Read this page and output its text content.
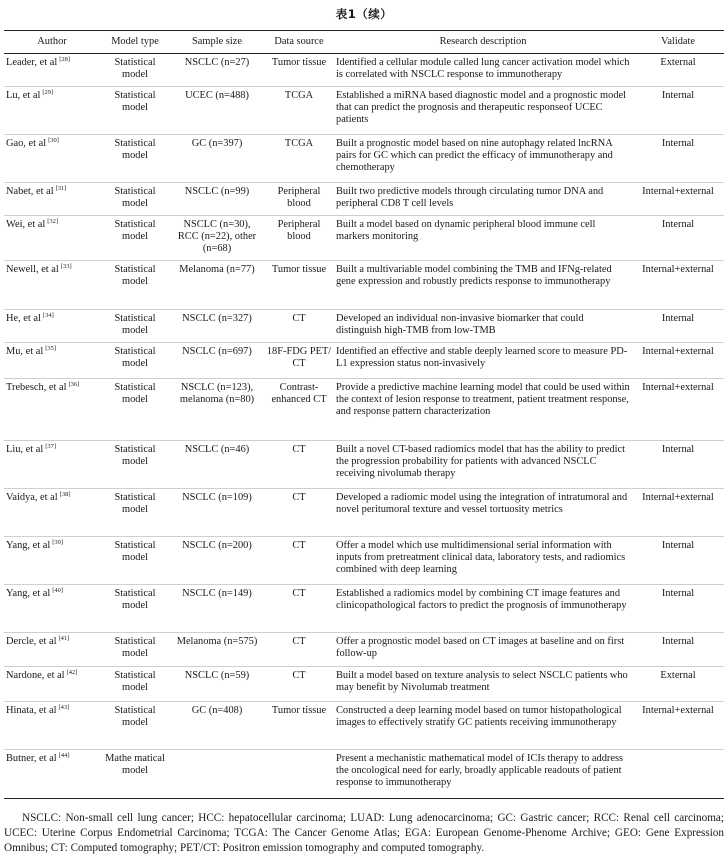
表1（续）
Author	Model type	Sample size	Data source	Research description	Validate
Leader, et al [28]	Statistical model	NSCLC (n=27)	Tumor tissue	Identified a cellular module called lung cancer activation model which is correlated with NSCLC response to immunotherapy	External
Lu, et al [29]	Statistical model	UCEC (n=488)	TCGA	Established a miRNA based diagnostic model and a prognostic model that can predict the prognosis and therapeutic responseof UCEC patients	Internal
Gao, et al [30]	Statistical model	GC (n=397)	TCGA	Built a prognostic model based on nine autophagy related lncRNA pairs for GC which can predict the efficacy of immunotherapy and chemotherapy	Internal
Nabet, et al [31]	Statistical model	NSCLC (n=99)	Peripheral blood	Built two predictive models through circulating tumor DNA and peripheral CD8 T cell levels	Internal+external
Wei, et al [32]	Statistical model	NSCLC (n=30), RCC (n=22), other (n=68)	Peripheral blood	Built a model based on dynamic peripheral blood immune cell markers monitoring	Internal
Newell, et al [33]	Statistical model	Melanoma (n=77)	Tumor tissue	Built a multivariable model combining the TMB and IFNg-related gene expression and robustly predicts response to immunotherapy	Internal+external
He, et al [34]	Statistical model	NSCLC (n=327)	CT	Developed an individual non-invasive biomarker that could distinguish high-TMB from low-TMB	Internal
Mu, et al [35]	Statistical model	NSCLC (n=697)	18F-FDG PET/ CT	Identified an effective and stable deeply learned score to measure PD-L1 expression status non-invasively	Internal+external
Trebesch, et al [36]	Statistical model	NSCLC (n=123), melanoma (n=80)	Contrast-enhanced CT	Provide a predictive machine learning model that could be used within the context of lesion response to treatment, patient treatment response, and response pattern characterization	Internal+external
Liu, et al [37]	Statistical model	NSCLC (n=46)	CT	Built a novel CT-based radiomics model that has the ability to predict the progression probability for patients with advanced NSCLC receiving nivolumab therapy	Internal
Vaidya, et al [38]	Statistical model	NSCLC (n=109)	CT	Developed a radiomic model using the integration of intratumoral and novel peritumoral texture and vessel tortuosity metrics	Internal+external
Yang, et al [39]	Statistical model	NSCLC (n=200)	CT	Offer a model which use multidimensional serial information with inputs from pretreatment clinical data, laboratory tests, and radiomics combined with deep learning	Internal
Yang, et al [40]	Statistical model	NSCLC (n=149)	CT	Established a radiomics model by combining CT image features and clinicopathological factors to predict the prognosis of immunotherapy	Internal
Dercle, et al [41]	Statistical model	Melanoma (n=575)	CT	Offer a prognostic model based on CT images at baseline and on first follow-up	Internal
Nardone, et al [42]	Statistical model	NSCLC (n=59)	CT	Built a model based on texture analysis to select NSCLC patients who may benefit by Nivolumab treatment	External
Hinata, et al [43]	Statistical model	GC (n=408)	Tumor tissue	Constructed a deep learning model based on tumor histopathological images to effectively stratify GC patients receiving immunotherapy	Internal+external
Butner, et al [44]	Mathe matical model			Present a mechanistic mathematical model of ICIs therapy to address the oncological need for early, broadly applicable readouts of patient response to immunotherapy	
NSCLC: Non-small cell lung cancer; HCC: hepatocellular carcinoma; LUAD: Lung adenocarcinoma; GC: Gastric cancer; RCC: Renal cell carcinoma; UCEC: Uterine Corpus Endometrial Carcinoma; TCGA: The Cancer Genome Atlas; EGA: European Genome-Phenome Archive; GEO: Gene Expression Omnibus; CT: Computed tomography; PET/CT: Positron emission tomography and computed tomography.
